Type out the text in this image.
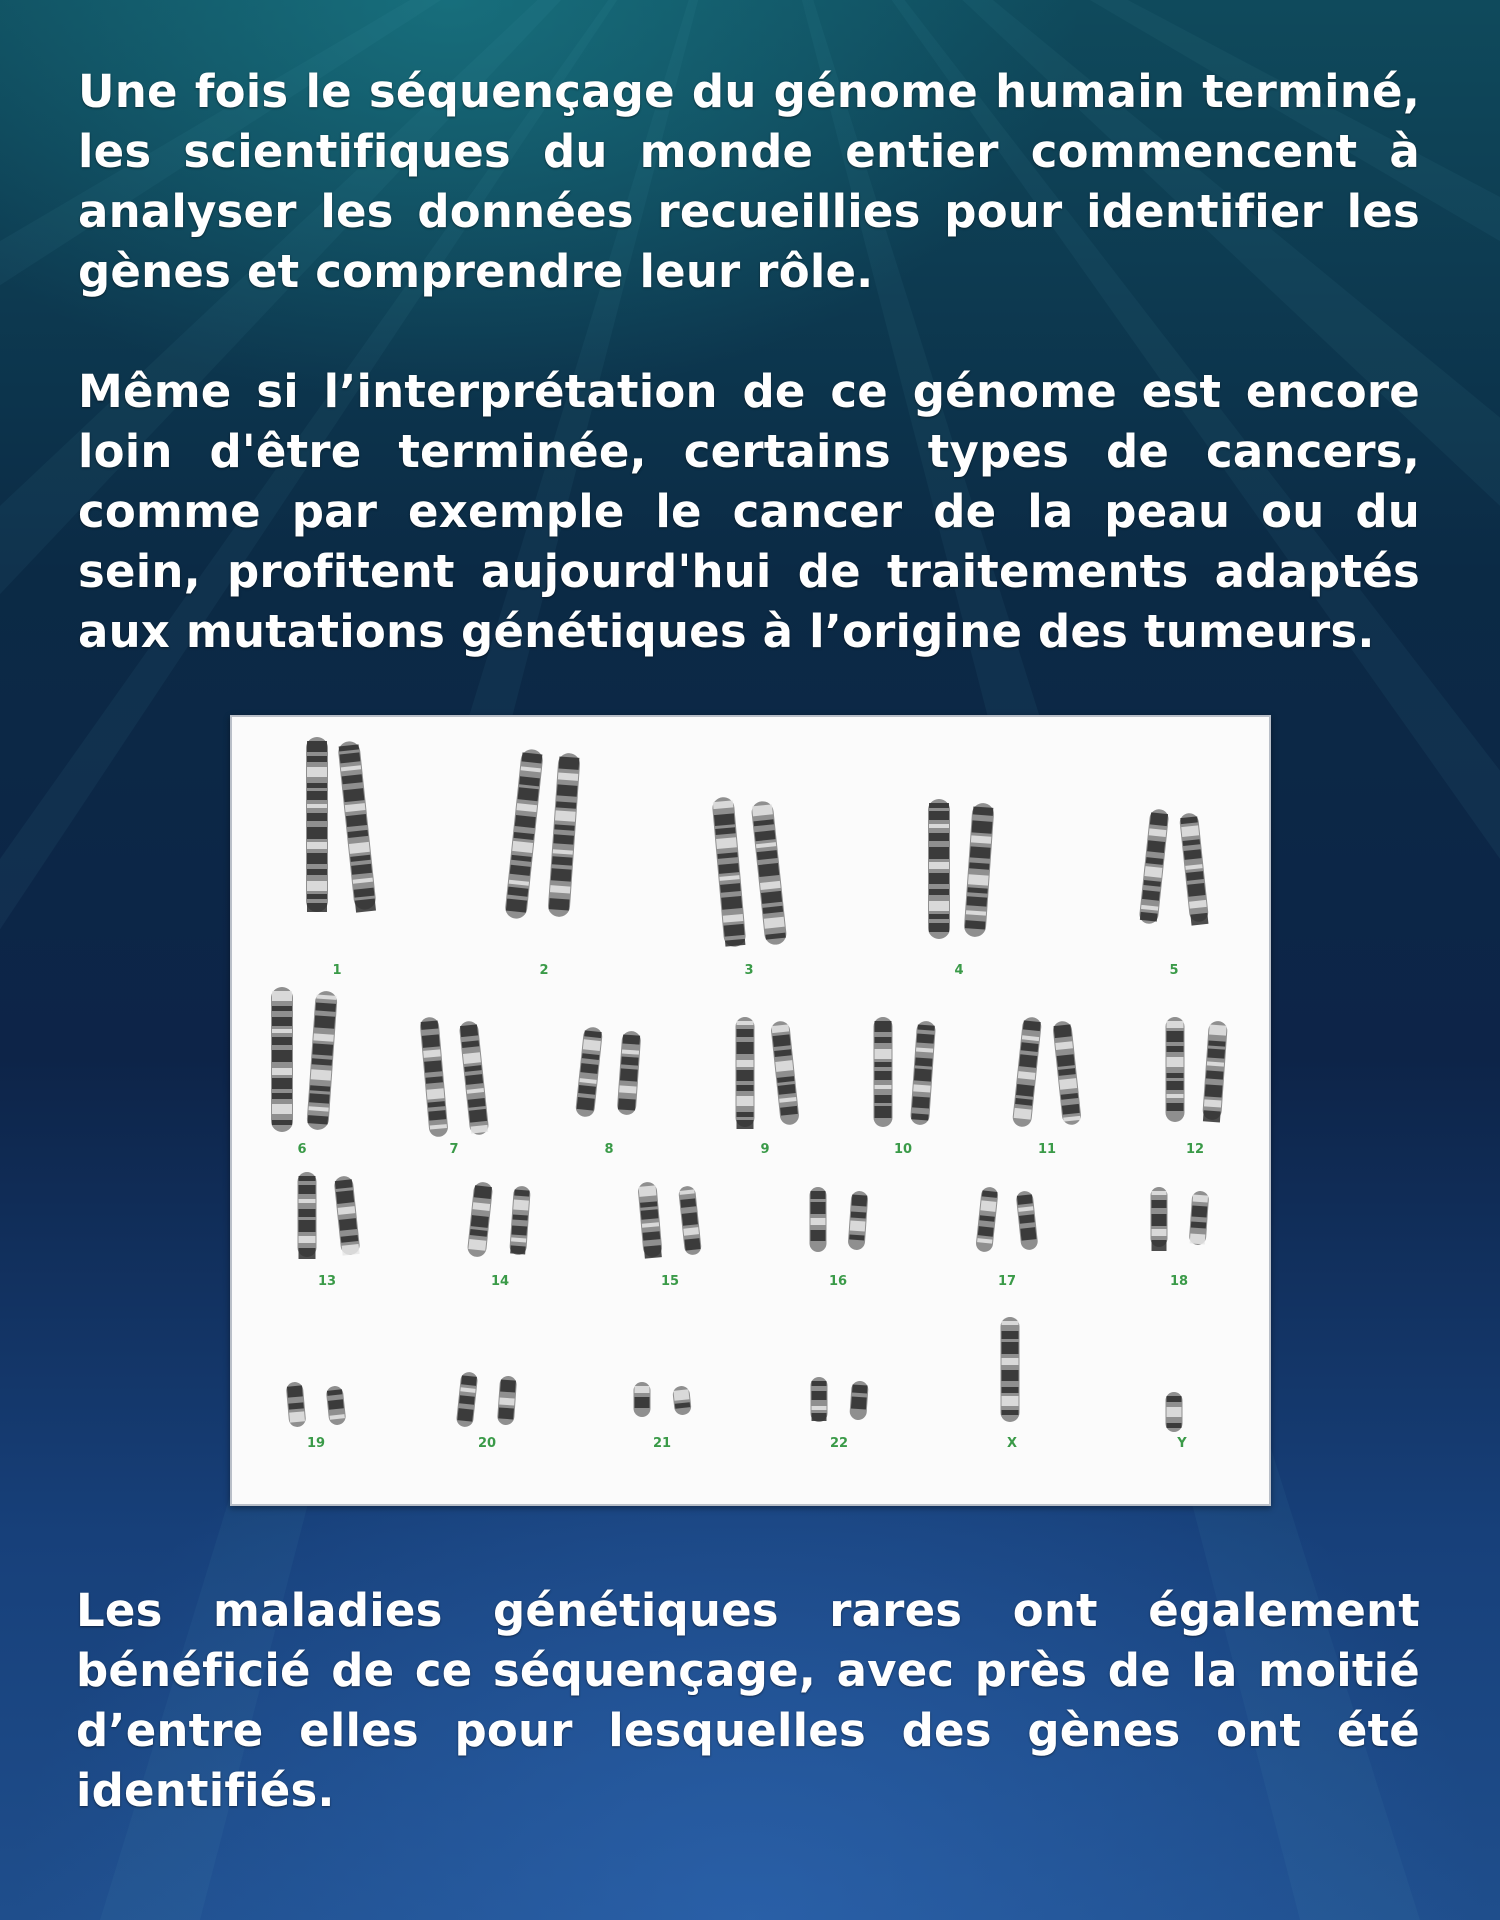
Une fois le séquençage du génome humain terminé, les scientifiques du monde entier commencent à analyser les données recueillies pour identifier les gènes et comprendre leur rôle.

Même si l’interprétation de ce génome est encore loin d'être terminée, certains types de cancers, comme par exemple le cancer de la peau ou du sein, profitent aujourd'hui de traitements adaptés aux mutations génétiques à l’origine des tumeurs.

1	2	3	4	5
6	7	8	9	10	11	12
13	14	15	16	17	18
19	20	21	22	X	Y

Les maladies génétiques rares ont également bénéficié de ce séquençage, avec près de la moitié d’entre elles pour lesquelles des gènes ont été identifiés.
